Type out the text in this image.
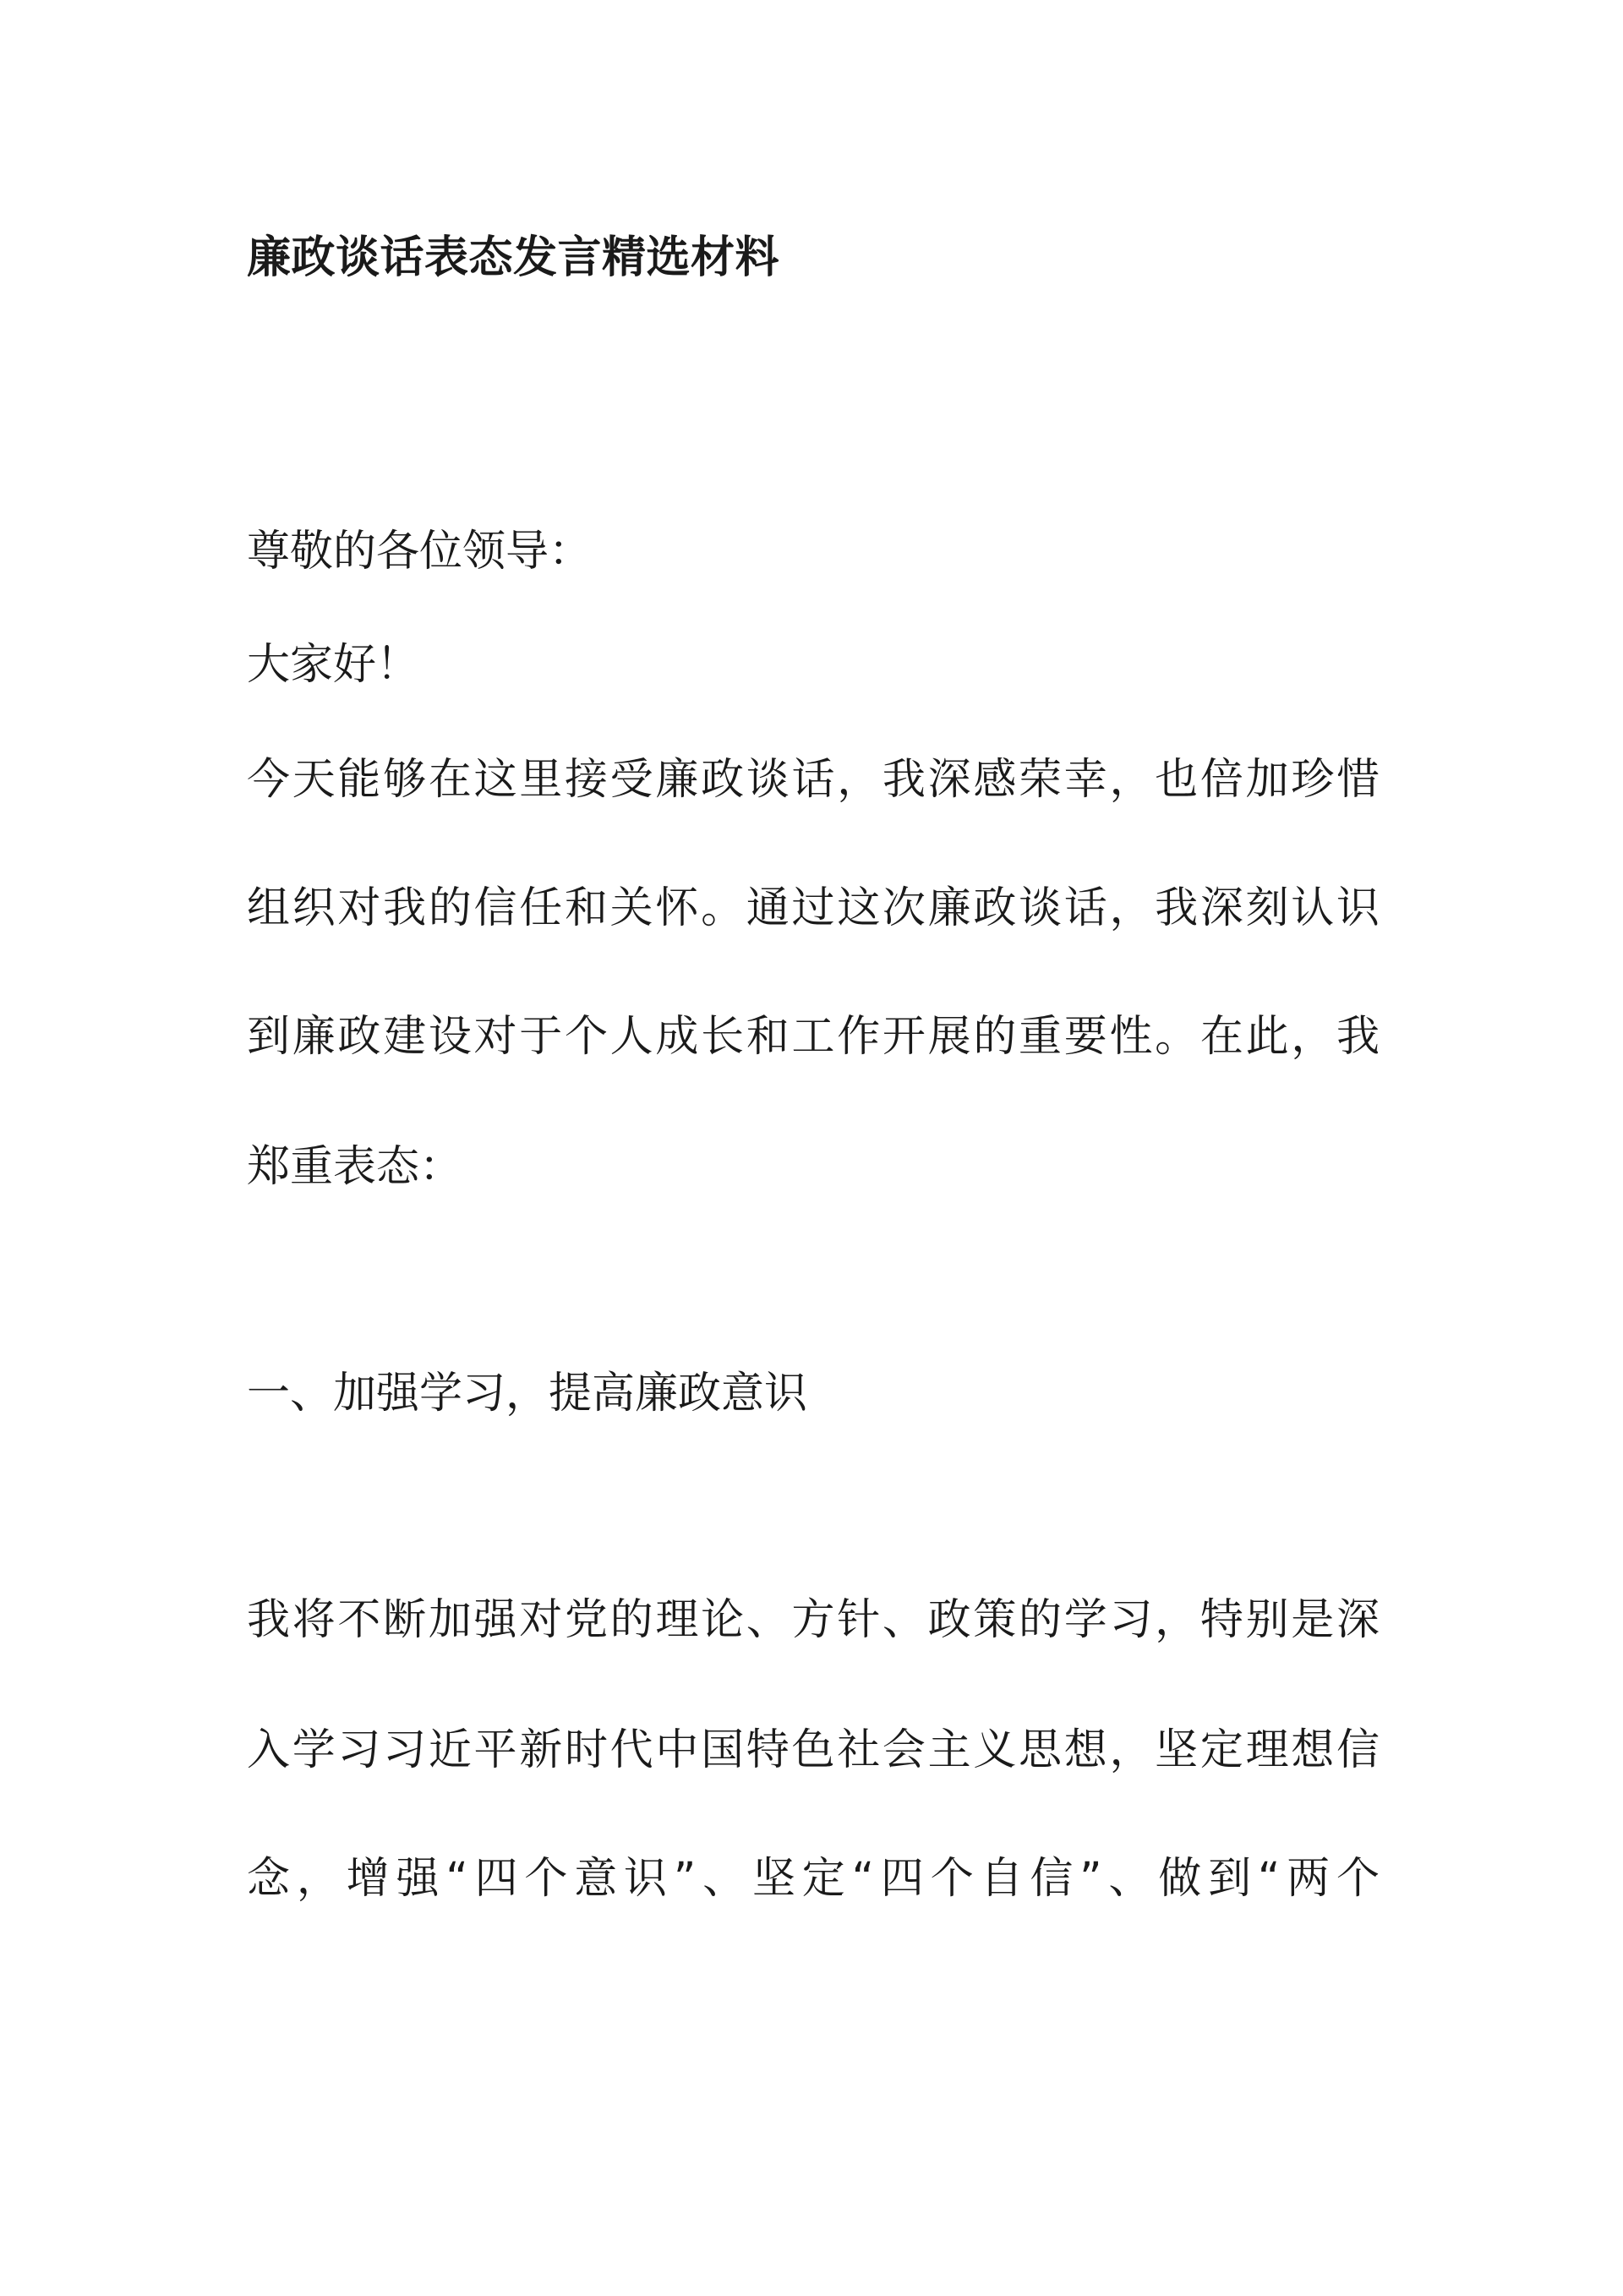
廉政谈话表态发言精选材料
尊敬的各位领导：
大家好！
今天能够在这里接受廉政谈话，我深感荣幸，也倍加珍惜
组织对我的信任和关怀。通过这次廉政谈话，我深刻认识
到廉政建设对于个人成长和工作开展的重要性。在此，我
郑重表态：
一、加强学习，提高廉政意识
我将不断加强对党的理论、方针、政策的学习，特别是深
入学习习近平新时代中国特色社会主义思想，坚定理想信
念，增强“四个意识”、坚定“四个自信”、做到“两个
